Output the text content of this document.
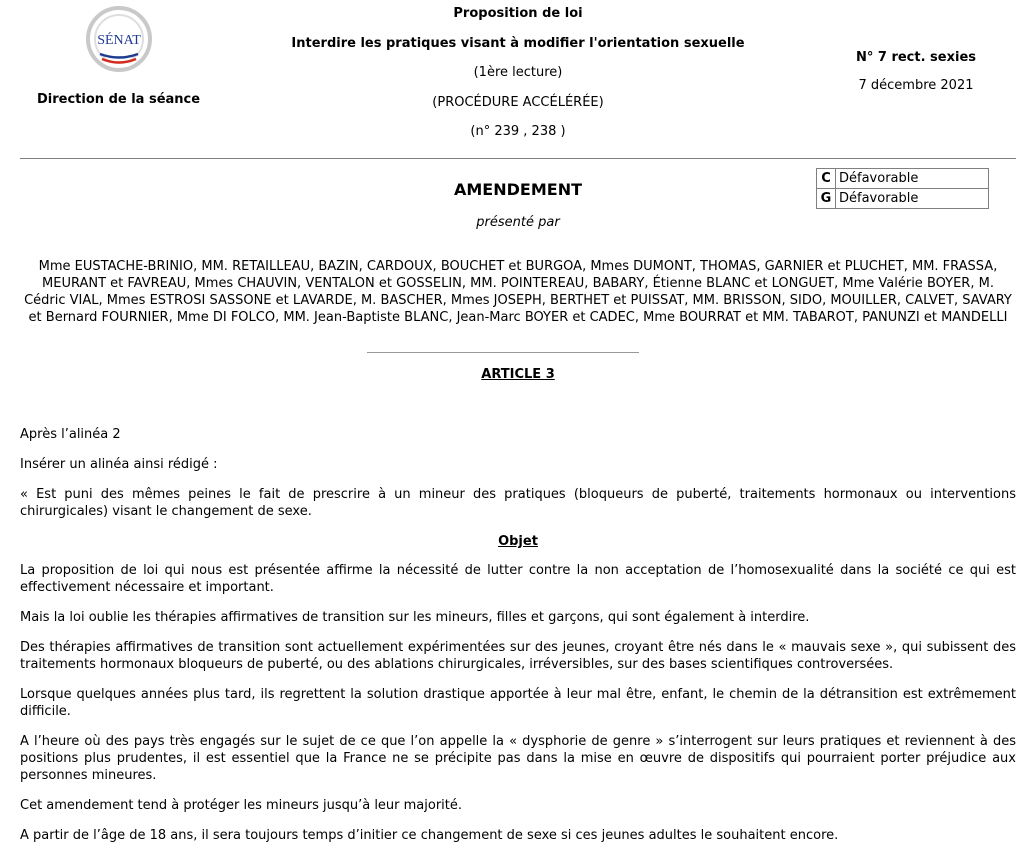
SÉNAT
Direction de la séance
Proposition de loi
Interdire les pratiques visant à modifier l'orientation sexuelle
(1ère lecture)
(PROCÉDURE ACCÉLÉRÉE)
(n° 239 , 238 )
N° 7 rect. sexies
7 décembre 2021
C	Défavorable
G	Défavorable
AMENDEMENT
présenté par
Mme EUSTACHE-BRINIO, MM. RETAILLEAU, BAZIN, CARDOUX, BOUCHET et BURGOA, Mmes DUMONT, THOMAS, GARNIER et PLUCHET, MM. FRASSA, MEURANT et FAVREAU, Mmes CHAUVIN, VENTALON et GOSSELIN, MM. POINTEREAU, BABARY, Étienne BLANC et LONGUET, Mme Valérie BOYER, M. Cédric VIAL, Mmes ESTROSI SASSONE et LAVARDE, M. BASCHER, Mmes JOSEPH, BERTHET et PUISSAT, MM. BRISSON, SIDO, MOUILLER, CALVET, SAVARY et Bernard FOURNIER, Mme DI FOLCO, MM. Jean-Baptiste BLANC, Jean-Marc BOYER et CADEC, Mme BOURRAT et MM. TABAROT, PANUNZI et MANDELLI
ARTICLE 3

Après l’alinéa 2

Insérer un alinéa ainsi rédigé :

« Est puni des mêmes peines le fait de prescrire à un mineur des pratiques (bloqueurs de puberté, traitements hormonaux ou interventions chirurgicales) visant le changement de sexe.

Objet

La proposition de loi qui nous est présentée affirme la nécessité de lutter contre la non acceptation de l’homosexualité dans la société ce qui est effectivement nécessaire et important.

Mais la loi oublie les thérapies affirmatives de transition sur les mineurs, filles et garçons, qui sont également à interdire.

Des thérapies affirmatives de transition sont actuellement expérimentées sur des jeunes, croyant être nés dans le « mauvais sexe », qui subissent des traitements hormonaux bloqueurs de puberté, ou des ablations chirurgicales, irréversibles, sur des bases scientifiques controversées.

Lorsque quelques années plus tard, ils regrettent la solution drastique apportée à leur mal être, enfant, le chemin de la détransition est extrêmement difficile.

A l’heure où des pays très engagés sur le sujet de ce que l’on appelle la « dysphorie de genre » s’interrogent sur leurs pratiques et reviennent à des positions plus prudentes, il est essentiel que la France ne se précipite pas dans la mise en œuvre de dispositifs qui pourraient porter préjudice aux personnes mineures.

Cet amendement tend à protéger les mineurs jusqu’à leur majorité.

A partir de l’âge de 18 ans, il sera toujours temps d’initier ce changement de sexe si ces jeunes adultes le souhaitent encore.
